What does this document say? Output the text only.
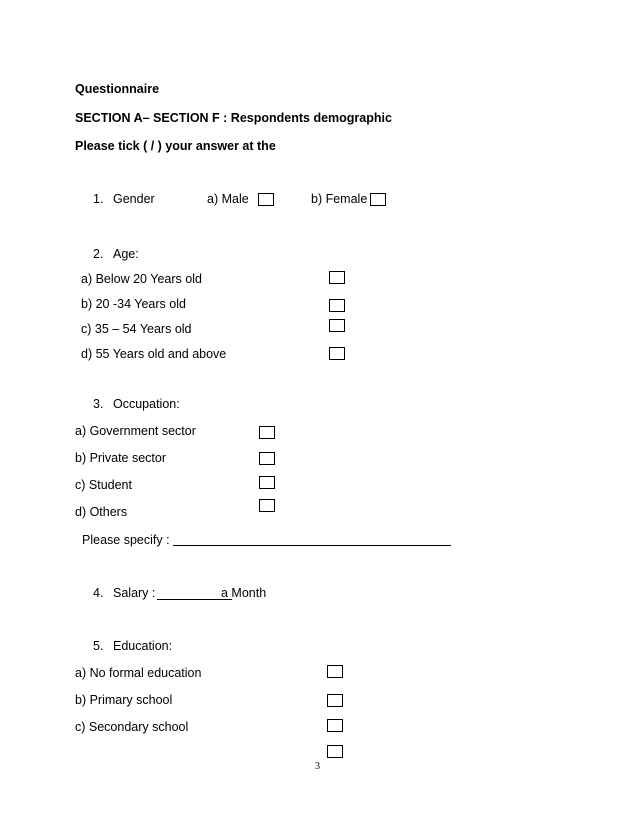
Questionnaire
SECTION A– SECTION F : Respondents demographic
Please tick ( / ) your answer at the
1. Gender	a) Male	b) Female
2. Age:
a) Below 20 Years old
b) 20 -34 Years old
c) 35 – 54 Years old
d) 55 Years old and above
3. Occupation:
a) Government sector
b) Private sector
c) Student
d) Others
Please specify :
4. Salary :	a Month
5. Education:
a) No formal education
b) Primary school
c) Secondary school
3
